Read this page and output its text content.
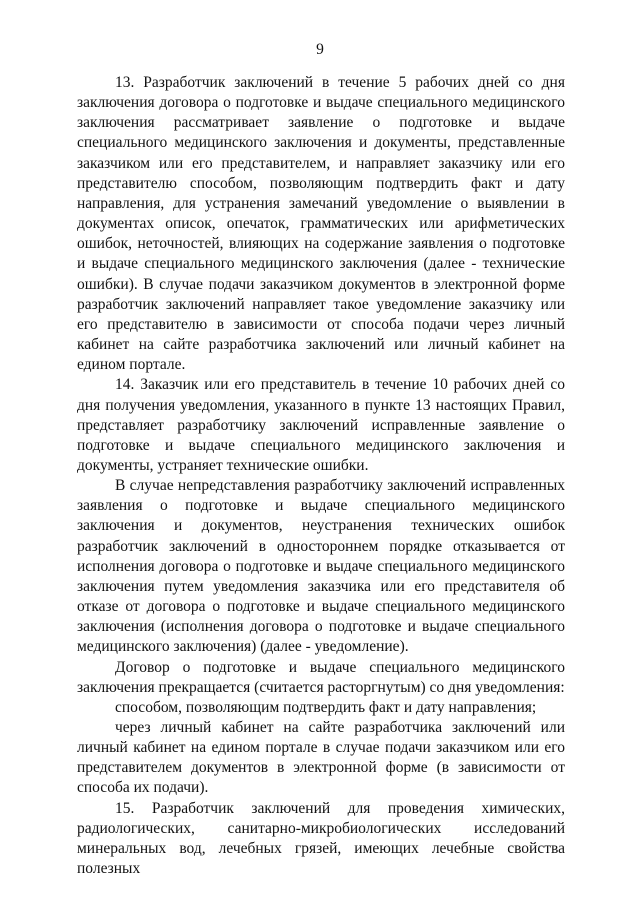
9

13. Разработчик заключений в течение 5 рабочих дней со дня заключения договора о подготовке и выдаче специального медицинского заключения рассматривает заявление о подготовке и выдаче специального медицинского заключения и документы, представленные заказчиком или его представителем, и направляет заказчику или его представителю способом, позволяющим подтвердить факт и дату направления, для устранения замечаний уведомление о выявлении в документах описок, опечаток, грамматических или арифметических ошибок, неточностей, влияющих на содержание заявления о подготовке и выдаче специального медицинского заключения (далее - технические ошибки). В случае подачи заказчиком документов в электронной форме разработчик заключений направляет такое уведомление заказчику или его представителю в зависимости от способа подачи через личный кабинет на сайте разработчика заключений или личный кабинет на едином портале.

14. Заказчик или его представитель в течение 10 рабочих дней со дня получения уведомления, указанного в пункте 13 настоящих Правил, представляет разработчику заключений исправленные заявление о подготовке и выдаче специального медицинского заключения и документы, устраняет технические ошибки.

В случае непредставления разработчику заключений исправленных заявления о подготовке и выдаче специального медицинского заключения и документов, неустранения технических ошибок разработчик заключений в одностороннем порядке отказывается от исполнения договора о подготовке и выдаче специального медицинского заключения путем уведомления заказчика или его представителя об отказе от договора о подготовке и выдаче специального медицинского заключения (исполнения договора о подготовке и выдаче специального медицинского заключения) (далее - уведомление).

Договор о подготовке и выдаче специального медицинского заключения прекращается (считается расторгнутым) со дня уведомления:

способом, позволяющим подтвердить факт и дату направления;

через личный кабинет на сайте разработчика заключений или личный кабинет на едином портале в случае подачи заказчиком или его представителем документов в электронной форме (в зависимости от способа их подачи).

15. Разработчик заключений для проведения химических, радиологических, санитарно-микробиологических исследований минеральных вод, лечебных грязей, имеющих лечебные свойства полезных
